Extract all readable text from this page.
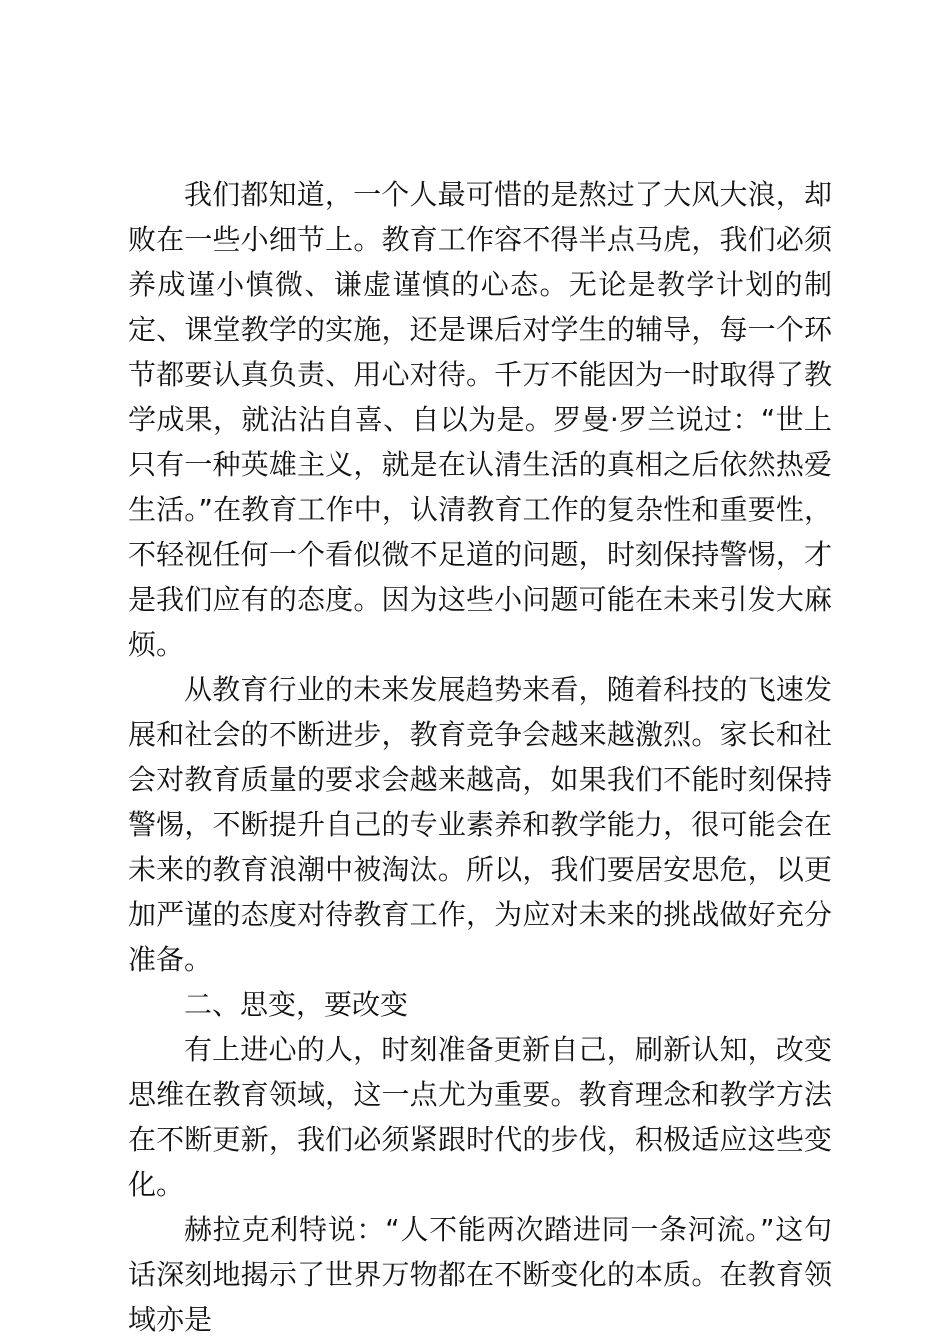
我们都知道，一个人最可惜的是熬过了大风大浪，却败在一些小细节上。教育工作容不得半点马虎，我们必须养成谨小慎微、谦虚谨慎的心态。无论是教学计划的制定、课堂教学的实施，还是课后对学生的辅导，每一个环节都要认真负责、用心对待。千万不能因为一时取得了教学成果，就沾沾自喜、自以为是。罗曼·罗兰说过：“世上只有一种英雄主义，就是在认清生活的真相之后依然热爱生活。”在教育工作中，认清教育工作的复杂性和重要性，不轻视任何一个看似微不足道的问题，时刻保持警惕，才是我们应有的态度。因为这些小问题可能在未来引发大麻烦。

从教育行业的未来发展趋势来看，随着科技的飞速发展和社会的不断进步，教育竞争会越来越激烈。家长和社会对教育质量的要求会越来越高，如果我们不能时刻保持警惕，不断提升自己的专业素养和教学能力，很可能会在未来的教育浪潮中被淘汰。所以，我们要居安思危，以更加严谨的态度对待教育工作，为应对未来的挑战做好充分准备。

二、思变，要改变

有上进心的人，时刻准备更新自己，刷新认知，改变思维在教育领域，这一点尤为重要。教育理念和教学方法在不断更新，我们必须紧跟时代的步伐，积极适应这些变化。

赫拉克利特说：“人不能两次踏进同一条河流。”这句话深刻地揭示了世界万物都在不断变化的本质。在教育领域亦是
